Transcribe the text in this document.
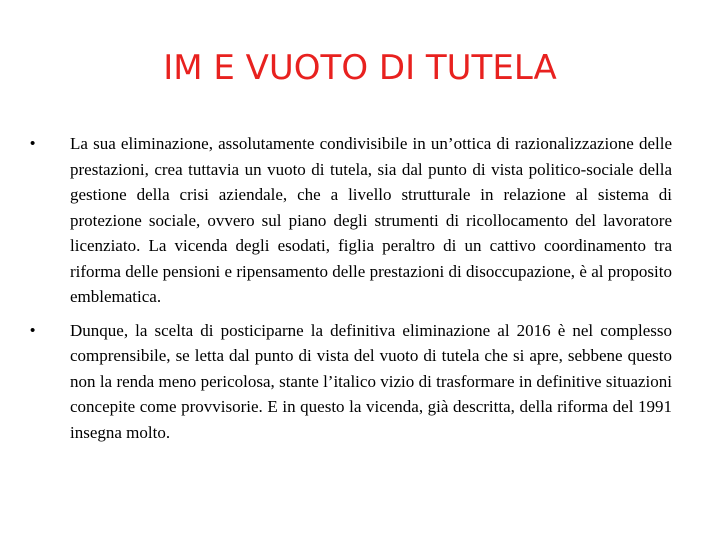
IM E VUOTO DI TUTELA
• La sua eliminazione, assolutamente condivisibile in un’ottica di razionalizzazione delle prestazioni, crea tuttavia un vuoto di tutela, sia dal punto di vista politico-sociale della gestione della crisi aziendale, che a livello strutturale in relazione al sistema di protezione sociale, ovvero sul piano degli strumenti di ricollocamento del lavoratore licenziato. La vicenda degli esodati, figlia peraltro di un cattivo coordinamento tra riforma delle pensioni e ripensamento delle prestazioni di disoccupazione, è al proposito emblematica.
• Dunque, la scelta di posticiparne la definitiva eliminazione al 2016 è nel complesso comprensibile, se letta dal punto di vista del vuoto di tutela che si apre, sebbene questo non la renda meno pericolosa, stante l’italico vizio di trasformare in definitive situazioni concepite come provvisorie. E in questo la vicenda, già descritta, della riforma del 1991 insegna molto.
